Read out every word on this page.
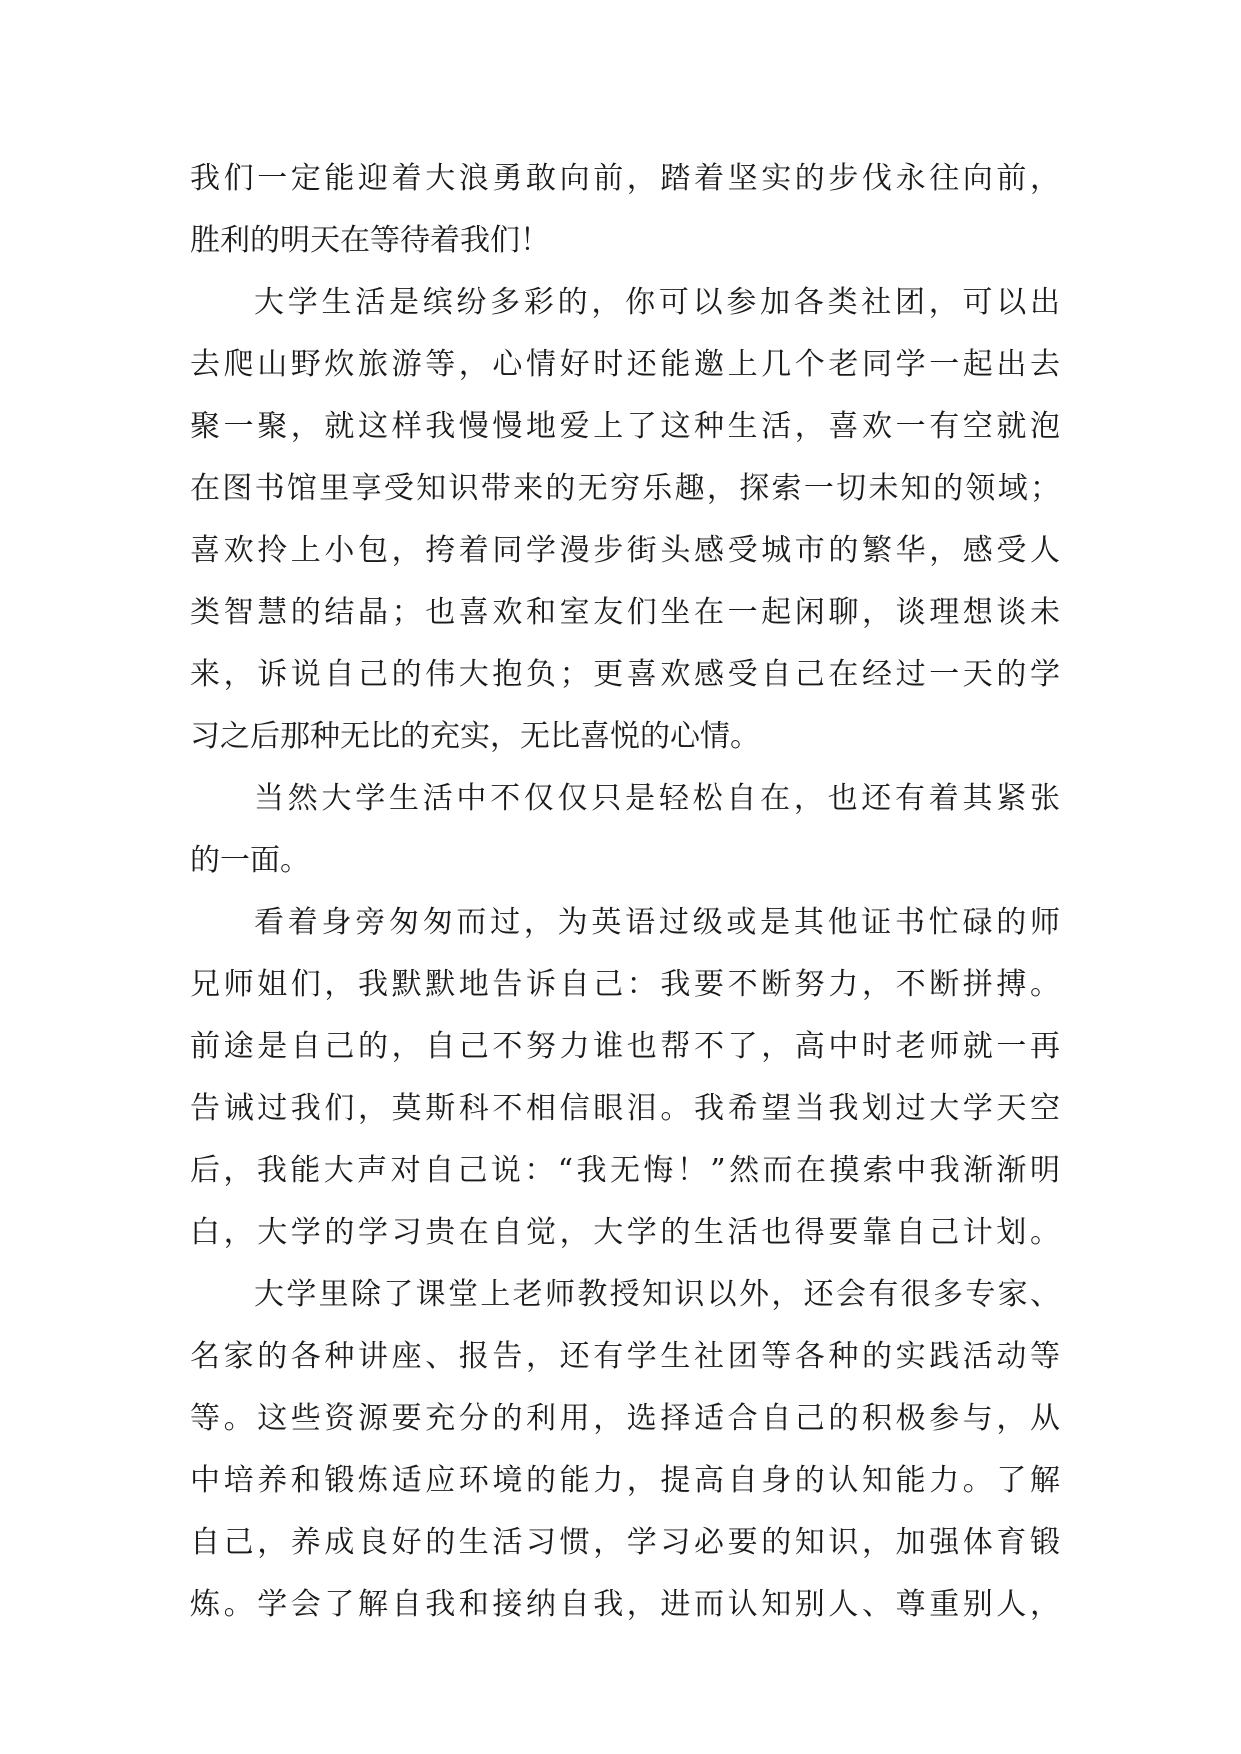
我们一定能迎着大浪勇敢向前，踏着坚实的步伐永往向前，
胜利的明天在等待着我们！
大学生活是缤纷多彩的，你可以参加各类社团，可以出
去爬山野炊旅游等，心情好时还能邀上几个老同学一起出去
聚一聚，就这样我慢慢地爱上了这种生活，喜欢一有空就泡
在图书馆里享受知识带来的无穷乐趣，探索一切未知的领域；
喜欢拎上小包，挎着同学漫步街头感受城市的繁华，感受人
类智慧的结晶；也喜欢和室友们坐在一起闲聊，谈理想谈未
来，诉说自己的伟大抱负；更喜欢感受自己在经过一天的学
习之后那种无比的充实，无比喜悦的心情。
当然大学生活中不仅仅只是轻松自在，也还有着其紧张
的一面。
看着身旁匆匆而过，为英语过级或是其他证书忙碌的师
兄师姐们，我默默地告诉自己：我要不断努力，不断拼搏。
前途是自己的，自己不努力谁也帮不了，高中时老师就一再
告诫过我们，莫斯科不相信眼泪。我希望当我划过大学天空
后，我能大声对自己说：“我无悔！”然而在摸索中我渐渐明
白，大学的学习贵在自觉，大学的生活也得要靠自己计划。
大学里除了课堂上老师教授知识以外，还会有很多专家、
名家的各种讲座、报告，还有学生社团等各种的实践活动等
等。这些资源要充分的利用，选择适合自己的积极参与，从
中培养和锻炼适应环境的能力，提高自身的认知能力。了解
自己，养成良好的生活习惯，学习必要的知识，加强体育锻
炼。学会了解自我和接纳自我，进而认知别人、尊重别人，
